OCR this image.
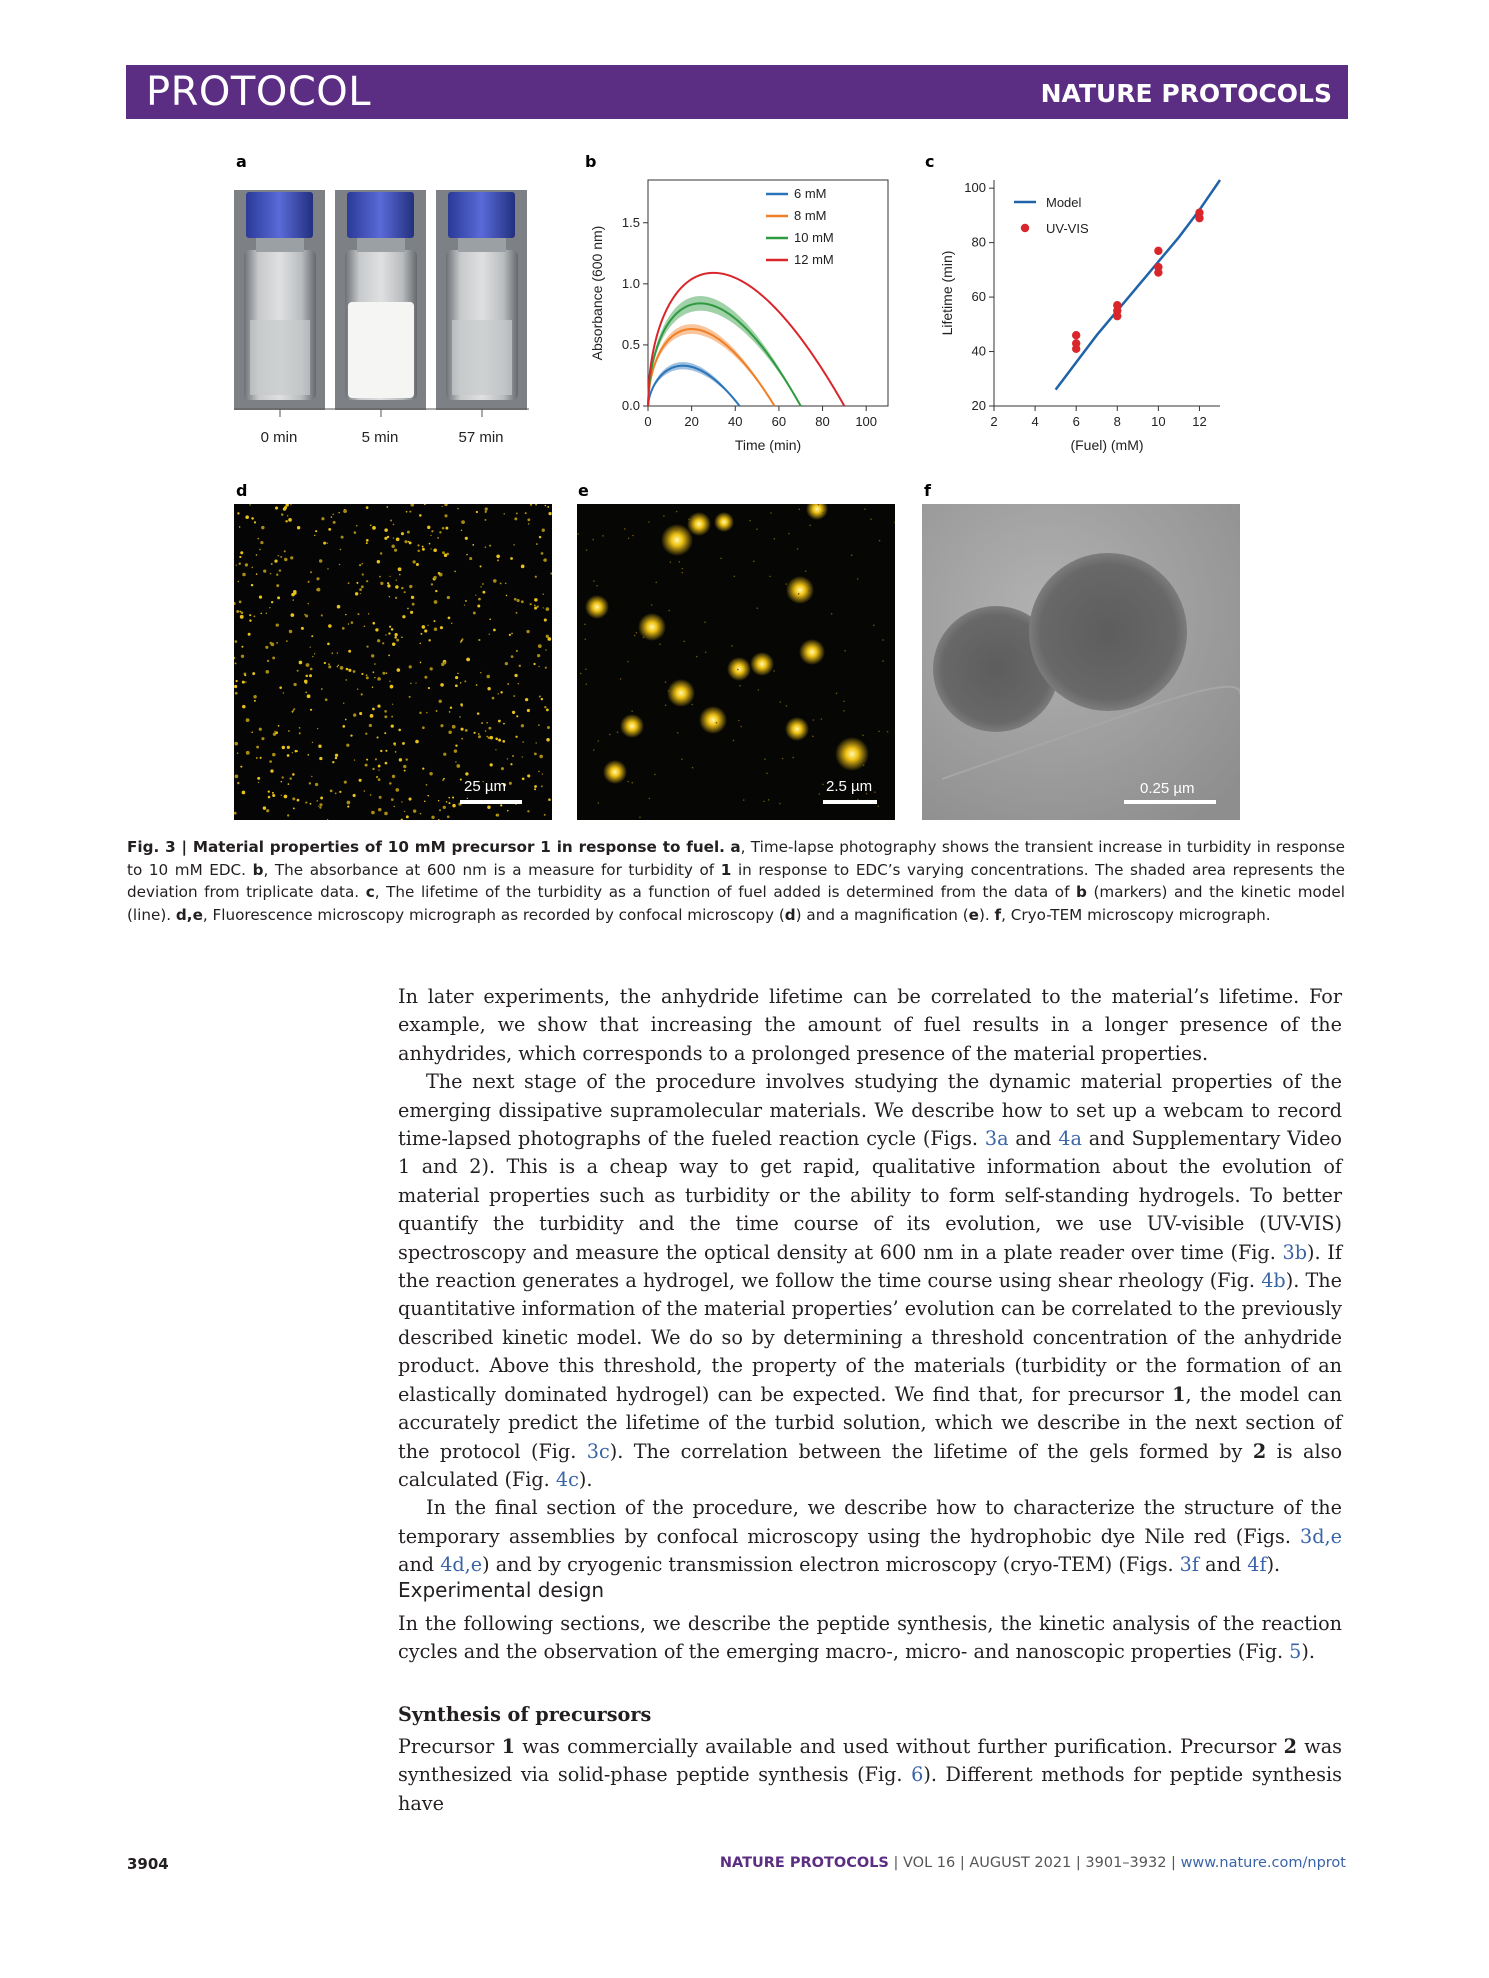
PROTOCOL	NATURE PROTOCOLS
a	b	c
d	e	f
0 min	5 min	57 min
0	20 40 60 80 100
0.0
0.5
1.0
1.5
Time (min)
Absorbance (600 nm)
6 mM
8 mM
10 mM
12 mM
2	4	6	8 10 12
20
40
60
80
100
(Fuel) (mM)
Lifetime (min)
Model
UV-VIS
25 µm	2.5 µm	0.25 µm
Fig. 3 | Material properties of 10 mM precursor 1 in response to fuel. a, Time-lapse photography shows the transient increase in turbidity in response to 10 mM EDC. b, The absorbance at 600 nm is a measure for turbidity of 1 in response to EDC’s varying concentrations. The shaded area represents the deviation from triplicate data. c, The lifetime of the turbidity as a function of fuel added is determined from the data of b (markers) and the kinetic model (line). d,e, Fluorescence microscopy micrograph as recorded by confocal microscopy (d) and a magnification (e). f, Cryo-TEM microscopy micrograph.

In later experiments, the anhydride lifetime can be correlated to the material’s lifetime. For example, we show that increasing the amount of fuel results in a longer presence of the anhydrides, which corresponds to a prolonged presence of the material properties.

The next stage of the procedure involves studying the dynamic material properties of the emerging dissipative supramolecular materials. We describe how to set up a webcam to record time-lapsed photographs of the fueled reaction cycle (Figs. 3a and 4a and Supplementary Video 1 and 2). This is a cheap way to get rapid, qualitative information about the evolution of material properties such as turbidity or the ability to form self-standing hydrogels. To better quantify the turbidity and the time course of its evolution, we use UV-visible (UV-VIS) spectroscopy and measure the optical density at 600 nm in a plate reader over time (Fig. 3b). If the reaction generates a hydrogel, we follow the time course using shear rheology (Fig. 4b). The quantitative information of the material properties’ evolution can be correlated to the previously described kinetic model. We do so by determining a threshold concentration of the anhydride product. Above this threshold, the property of the materials (turbidity or the formation of an elastically dominated hydrogel) can be expected. We find that, for precursor 1, the model can accurately predict the lifetime of the turbid solution, which we describe in the next section of the protocol (Fig. 3c). The correlation between the lifetime of the gels formed by 2 is also calculated (Fig. 4c).

In the final section of the procedure, we describe how to characterize the structure of the temporary assemblies by confocal microscopy using the hydrophobic dye Nile red (Figs. 3d,e and 4d,e) and by cryogenic transmission electron microscopy (cryo-TEM) (Figs. 3f and 4f).

Experimental design
In the following sections, we describe the peptide synthesis, the kinetic analysis of the reaction cycles and the observation of the emerging macro-, micro- and nanoscopic properties (Fig. 5).
Synthesis of precursors
Precursor 1 was commercially available and used without further purification. Precursor 2 was synthesized via solid-phase peptide synthesis (Fig. 6). Different methods for peptide synthesis have
3904	NATURE PROTOCOLS | VOL 16 | AUGUST 2021 | 3901–3932 | www.nature.com/nprot
